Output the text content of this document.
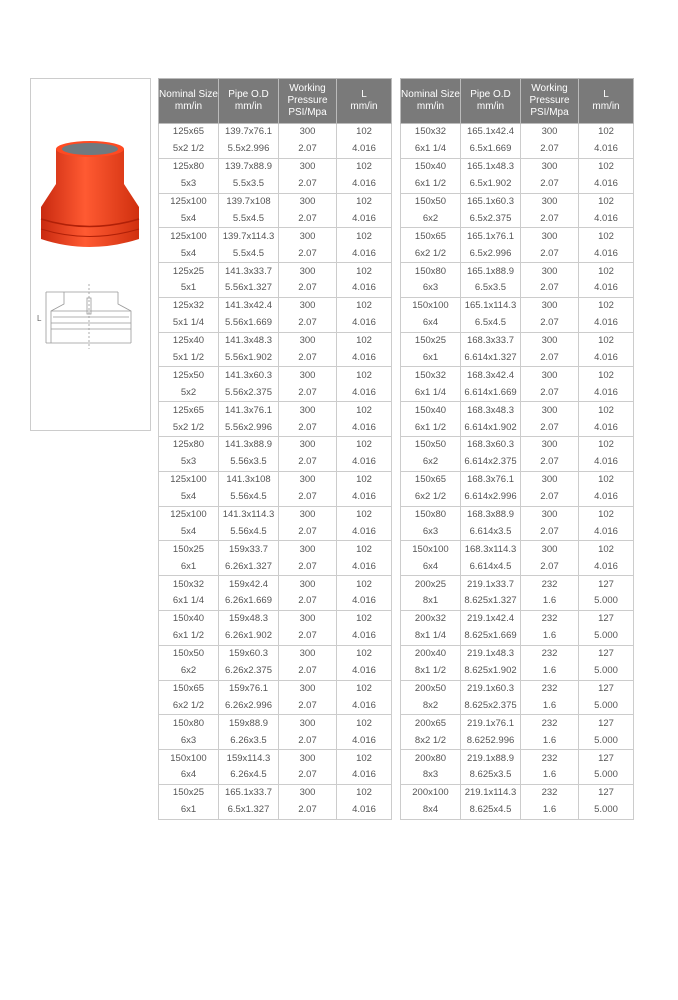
L
Nominal Size
mm/in	Pipe O.D
mm/in	Working
Pressure
PSI/Mpa	L
mm/in
125x65	139.7x76.1	300	102
5x2 1/2	5.5x2.996	2.07	4.016
125x80	139.7x88.9	300	102
5x3	5.5x3.5	2.07	4.016
125x100	139.7x108	300	102
5x4	5.5x4.5	2.07	4.016
125x100	139.7x114.3	300	102
5x4	5.5x4.5	2.07	4.016
125x25	141.3x33.7	300	102
5x1	5.56x1.327	2.07	4.016
125x32	141.3x42.4	300	102
5x1 1/4	5.56x1.669	2.07	4.016
125x40	141.3x48.3	300	102
5x1 1/2	5.56x1.902	2.07	4.016
125x50	141.3x60.3	300	102
5x2	5.56x2.375	2.07	4.016
125x65	141.3x76.1	300	102
5x2 1/2	5.56x2.996	2.07	4.016
125x80	141.3x88.9	300	102
5x3	5.56x3.5	2.07	4.016
125x100	141.3x108	300	102
5x4	5.56x4.5	2.07	4.016
125x100	141.3x114.3	300	102
5x4	5.56x4.5	2.07	4.016
150x25	159x33.7	300	102
6x1	6.26x1.327	2.07	4.016
150x32	159x42.4	300	102
6x1 1/4	6.26x1.669	2.07	4.016
150x40	159x48.3	300	102
6x1 1/2	6.26x1.902	2.07	4.016
150x50	159x60.3	300	102
6x2	6.26x2.375	2.07	4.016
150x65	159x76.1	300	102
6x2 1/2	6.26x2.996	2.07	4.016
150x80	159x88.9	300	102
6x3	6.26x3.5	2.07	4.016
150x100	159x114.3	300	102
6x4	6.26x4.5	2.07	4.016
150x25	165.1x33.7	300	102
6x1	6.5x1.327	2.07	4.016
Nominal Size
mm/in	Pipe O.D
mm/in	Working
Pressure
PSI/Mpa	L
mm/in
150x32	165.1x42.4	300	102
6x1 1/4	6.5x1.669	2.07	4.016
150x40	165.1x48.3	300	102
6x1 1/2	6.5x1.902	2.07	4.016
150x50	165.1x60.3	300	102
6x2	6.5x2.375	2.07	4.016
150x65	165.1x76.1	300	102
6x2 1/2	6.5x2.996	2.07	4.016
150x80	165.1x88.9	300	102
6x3	6.5x3.5	2.07	4.016
150x100	165.1x114.3	300	102
6x4	6.5x4.5	2.07	4.016
150x25	168.3x33.7	300	102
6x1	6.614x1.327	2.07	4.016
150x32	168.3x42.4	300	102
6x1 1/4	6.614x1.669	2.07	4.016
150x40	168.3x48.3	300	102
6x1 1/2	6.614x1.902	2.07	4.016
150x50	168.3x60.3	300	102
6x2	6.614x2.375	2.07	4.016
150x65	168.3x76.1	300	102
6x2 1/2	6.614x2.996	2.07	4.016
150x80	168.3x88.9	300	102
6x3	6.614x3.5	2.07	4.016
150x100	168.3x114.3	300	102
6x4	6.614x4.5	2.07	4.016
200x25	219.1x33.7	232	127
8x1	8.625x1.327	1.6	5.000
200x32	219.1x42.4	232	127
8x1 1/4	8.625x1.669	1.6	5.000
200x40	219.1x48.3	232	127
8x1 1/2	8.625x1.902	1.6	5.000
200x50	219.1x60.3	232	127
8x2	8.625x2.375	1.6	5.000
200x65	219.1x76.1	232	127
8x2 1/2	8.6252.996	1.6	5.000
200x80	219.1x88.9	232	127
8x3	8.625x3.5	1.6	5.000
200x100	219.1x114.3	232	127
8x4	8.625x4.5	1.6	5.000
